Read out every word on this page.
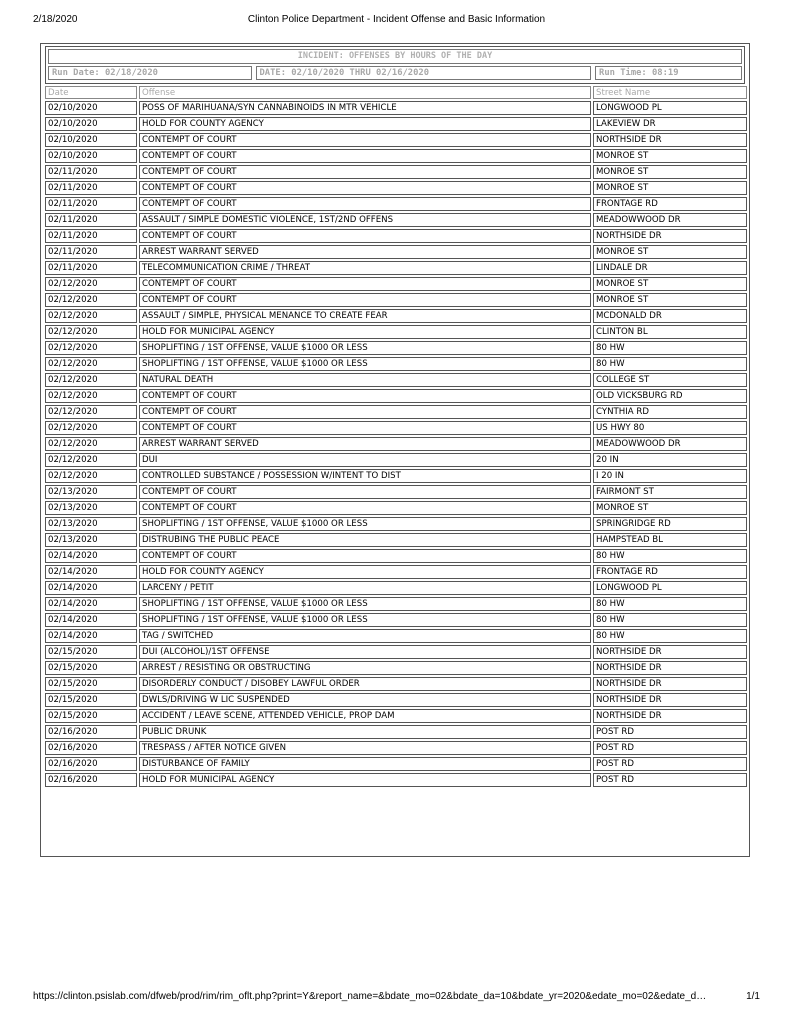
2/18/2020	Clinton Police Department - Incident Offense and Basic Information
INCIDENT: OFFENSES BY HOURS OF THE DAY
Run Date: 02/18/2020	DATE: 02/10/2020 THRU 02/16/2020	Run Time: 08:19
Date	Offense	Street Name
02/10/2020	POSS OF MARIHUANA/SYN CANNABINOIDS IN MTR VEHICLE	LONGWOOD PL
02/10/2020	HOLD FOR COUNTY AGENCY	LAKEVIEW DR
02/10/2020	CONTEMPT OF COURT	NORTHSIDE DR
02/10/2020	CONTEMPT OF COURT	MONROE ST
02/11/2020	CONTEMPT OF COURT	MONROE ST
02/11/2020	CONTEMPT OF COURT	MONROE ST
02/11/2020	CONTEMPT OF COURT	FRONTAGE RD
02/11/2020	ASSAULT / SIMPLE DOMESTIC VIOLENCE, 1ST/2ND OFFENS	MEADOWWOOD DR
02/11/2020	CONTEMPT OF COURT	NORTHSIDE DR
02/11/2020	ARREST WARRANT SERVED	MONROE ST
02/11/2020	TELECOMMUNICATION CRIME / THREAT	LINDALE DR
02/12/2020	CONTEMPT OF COURT	MONROE ST
02/12/2020	CONTEMPT OF COURT	MONROE ST
02/12/2020	ASSAULT / SIMPLE, PHYSICAL MENANCE TO CREATE FEAR	MCDONALD DR
02/12/2020	HOLD FOR MUNICIPAL AGENCY	CLINTON BL
02/12/2020	SHOPLIFTING / 1ST OFFENSE, VALUE $1000 OR LESS	80 HW
02/12/2020	SHOPLIFTING / 1ST OFFENSE, VALUE $1000 OR LESS	80 HW
02/12/2020	NATURAL DEATH	COLLEGE ST
02/12/2020	CONTEMPT OF COURT	OLD VICKSBURG RD
02/12/2020	CONTEMPT OF COURT	CYNTHIA RD
02/12/2020	CONTEMPT OF COURT	US HWY 80
02/12/2020	ARREST WARRANT SERVED	MEADOWWOOD DR
02/12/2020	DUI	20 IN
02/12/2020	CONTROLLED SUBSTANCE / POSSESSION W/INTENT TO DIST	I 20 IN
02/13/2020	CONTEMPT OF COURT	FAIRMONT ST
02/13/2020	CONTEMPT OF COURT	MONROE ST
02/13/2020	SHOPLIFTING / 1ST OFFENSE, VALUE $1000 OR LESS	SPRINGRIDGE RD
02/13/2020	DISTRUBING THE PUBLIC PEACE	HAMPSTEAD BL
02/14/2020	CONTEMPT OF COURT	80 HW
02/14/2020	HOLD FOR COUNTY AGENCY	FRONTAGE RD
02/14/2020	LARCENY / PETIT	LONGWOOD PL
02/14/2020	SHOPLIFTING / 1ST OFFENSE, VALUE $1000 OR LESS	80 HW
02/14/2020	SHOPLIFTING / 1ST OFFENSE, VALUE $1000 OR LESS	80 HW
02/14/2020	TAG / SWITCHED	80 HW
02/15/2020	DUI (ALCOHOL)/1ST OFFENSE	NORTHSIDE DR
02/15/2020	ARREST / RESISTING OR OBSTRUCTING	NORTHSIDE DR
02/15/2020	DISORDERLY CONDUCT / DISOBEY LAWFUL ORDER	NORTHSIDE DR
02/15/2020	DWLS/DRIVING W LIC SUSPENDED	NORTHSIDE DR
02/15/2020	ACCIDENT / LEAVE SCENE, ATTENDED VEHICLE, PROP DAM	NORTHSIDE DR
02/16/2020	PUBLIC DRUNK	POST RD
02/16/2020	TRESPASS / AFTER NOTICE GIVEN	POST RD
02/16/2020	DISTURBANCE OF FAMILY	POST RD
02/16/2020	HOLD FOR MUNICIPAL AGENCY	POST RD
https://clinton.psislab.com/dfweb/prod/rim/rim_oflt.php?print=Y&report_name=&bdate_mo=02&bdate_da=10&bdate_yr=2020&edate_mo=02&edate_d…	1/1
